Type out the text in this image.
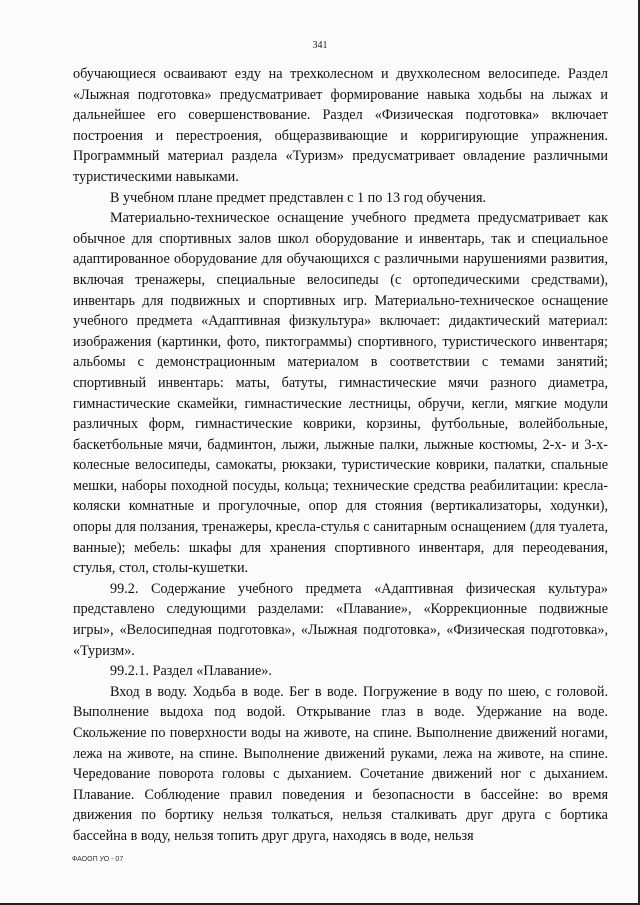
341

обучающиеся осваивают езду на трехколесном и двухколесном велосипеде. Раздел «Лыжная подготовка» предусматривает формирование навыка ходьбы на лыжах и дальнейшее его совершенствование. Раздел «Физическая подготовка» включает построения и перестроения, общеразвивающие и корригирующие упражнения. Программный материал раздела «Туризм» предусматривает овладение различными туристическими навыками.

В учебном плане предмет представлен с 1 по 13 год обучения.

Материально-техническое оснащение учебного предмета предусматривает как обычное для спортивных залов школ оборудование и инвентарь, так и специальное адаптированное оборудование для обучающихся с различными нарушениями развития, включая тренажеры, специальные велосипеды (с ортопедическими средствами), инвентарь для подвижных и спортивных игр. Материально-техническое оснащение учебного предмета «Адаптивная физкультура» включает: дидактический материал: изображения (картинки, фото, пиктограммы) спортивного, туристического инвентаря; альбомы с демонстрационным материалом в соответствии с темами занятий; спортивный инвентарь: маты, батуты, гимнастические мячи разного диаметра, гимнастические скамейки, гимнастические лестницы, обручи, кегли, мягкие модули различных форм, гимнастические коврики, корзины, футбольные, волейбольные, баскетбольные мячи, бадминтон, лыжи, лыжные палки, лыжные костюмы, 2-х- и 3-х- колесные велосипеды, самокаты, рюкзаки, туристические коврики, палатки, спальные мешки, наборы походной посуды, кольца; технические средства реабилитации: кресла-коляски комнатные и прогулочные, опор для стояния (вертикализаторы, ходунки), опоры для ползания, тренажеры, кресла-стулья с санитарным оснащением (для туалета, ванные); мебель: шкафы для хранения спортивного инвентаря, для переодевания, стулья, стол, столы-кушетки.

99.2. Содержание учебного предмета «Адаптивная физическая культура» представлено следующими разделами: «Плавание», «Коррекционные подвижные игры», «Велосипедная подготовка», «Лыжная подготовка», «Физическая подготовка», «Туризм».

99.2.1. Раздел «Плавание».

Вход в воду. Ходьба в воде. Бег в воде. Погружение в воду по шею, с головой. Выполнение выдоха под водой. Открывание глаз в воде. Удержание на воде. Скольжение по поверхности воды на животе, на спине. Выполнение движений ногами, лежа на животе, на спине. Выполнение движений руками, лежа на животе, на спине. Чередование поворота головы с дыханием. Сочетание движений ног с дыханием. Плавание. Соблюдение правил поведения и безопасности в бассейне: во время движения по бортику нельзя толкаться, нельзя сталкивать друг друга с бортика бассейна в воду, нельзя топить друг друга, находясь в воде, нельзя

ФАООП УО - 07
